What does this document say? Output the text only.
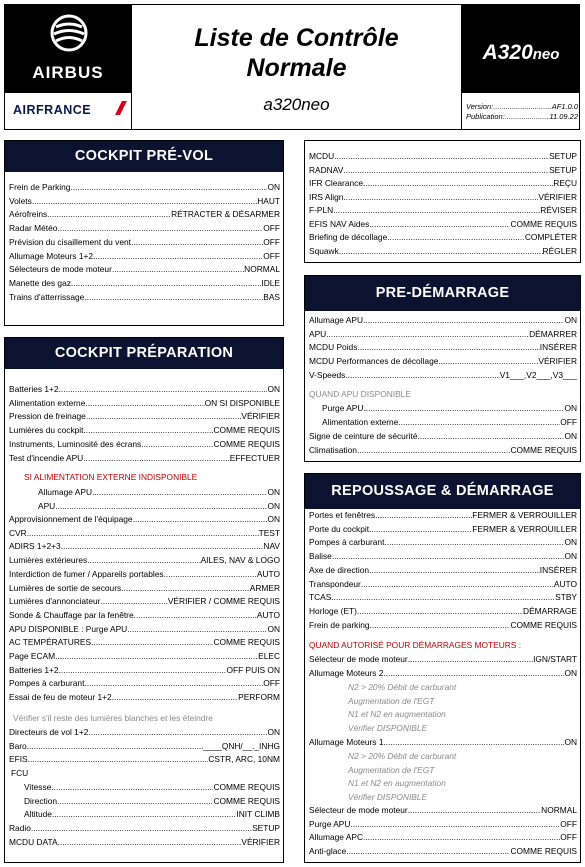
AIRBUS
AIRFRANCE
Liste de Contrôle
Normale
a320neo
A320neo
Version: .....	AF1.0.0
Publication: .....	11.09.22
COCKPIT PRÉ-VOL
Frein de Parking .....	ON
Volets .....	HAUT
Aérofreins .....	RÉTRACTER & DÉSARMER
Radar Météo .....	OFF
Prévision du cisaillement du vent .....	OFF
Allumage Moteurs 1+2 .....	OFF
Sélecteurs de mode moteur .....	NORMAL
Manette des gaz .....	IDLE
Trains d'atterrissage .....	BAS
COCKPIT PRÉPARATION
Batteries 1+2 .....	ON
Alimentation externe .....	ON SI DISPONIBLE
Pression de freinage .....	VÉRIFIER
Lumières du cockpit .....	COMME REQUIS
Instruments, Luminosité des écrans .....	COMME REQUIS
Test d'incendie APU .....	EFFECTUER
SI ALIMENTATION EXTERNE INDISPONIBLE
Allumage APU .....	ON
APU .....	ON
Approvisionnement de l'équipage .....	ON
CVR .....	TEST
ADIRS 1+2+3 .....	NAV
Lumières extérieures .....	AILES, NAV & LOGO
Interdiction de fumer / Appareils portables .....	AUTO
Lumières de sortie de secours .....	ARMER
Lumières d'annonciateur .....	VÉRIFIER / COMME REQUIS
Sonde & Chauffage par la fenêtre .....	AUTO
APU DISPONIBLE : Purge APU .....	ON
AC TEMPÉRATURES .....	COMME REQUIS
Page ECAM .....	ELEC
Batteries 1+2 .....	OFF PUIS ON
Pompes à carburant .....	OFF
Essai de feu de moteur 1+2 .....	PERFORM
Vérifier s'il reste des lumières blanches et les éteindre
Directeurs de vol 1+2 .....	ON
Baro .....	____QNH/__._INHG
EFIS .....	CSTR, ARC, 10NM
FCU
Vitesse .....	COMME REQUIS
Direction .....	COMME REQUIS
Altitude .....	INIT CLIMB
Radio .....	SETUP
MCDU DATA .....	VÉRIFIER
MCDU .....	SETUP
RADNAV .....	SETUP
IFR Clearance .....	REÇU
IRS Align .....	VÉRIFIER
F-PLN .....	RÉVISER
EFIS NAV Aides .....	COMME REQUIS
Briefing de décollage .....	COMPLÉTER
Squawk .....	RÉGLER
PRE-DÉMARRAGE
Allumage APU .....	ON
APU .....	DÉMARRER
MCDU Poids .....	INSÉRER
MCDU Performances de décollage .....	VÉRIFIER
V-Speeds .....	V1___,V2___,V3___
QUAND APU DISPONIBLE
Purge APU .....	ON
Alimentation externe .....	OFF
Signe de ceinture de sécurité .....	ON
Climatisation .....	COMME REQUIS
REPOUSSAGE & DÉMARRAGE
Portes et fenêtres .....	FERMER & VERROUILLER
Porte du cockpit .....	FERMER & VERROUILLER
Pompes à carburant .....	ON
Balise .....	ON
Axe de direction .....	INSÉRER
Transpondeur .....	AUTO
TCAS .....	STBY
Horloge (ET) .....	DÉMARRAGE
Frein de parking .....	COMME REQUIS
QUAND AUTORISÉ POUR DÉMARRAGES MOTEURS :
Sélecteur de mode moteur .....	IGN/START
Allumage Moteurs 2 .....	ON
N2 > 20% Débit de carburant
Augmentation de l'EGT
N1 et N2 en augmentation
Vérifier DISPONIBLE
Allumage Moteurs 1 .....	ON
N2 > 20% Débit de carburant
Augmentation de l'EGT
N1 et N2 en augmentation
Vérifier DISPONIBLE
Sélecteur de mode moteur .....	NORMAL
Purge APU .....	OFF
Allumage APC .....	OFF
Anti-glace .....	COMME REQUIS
